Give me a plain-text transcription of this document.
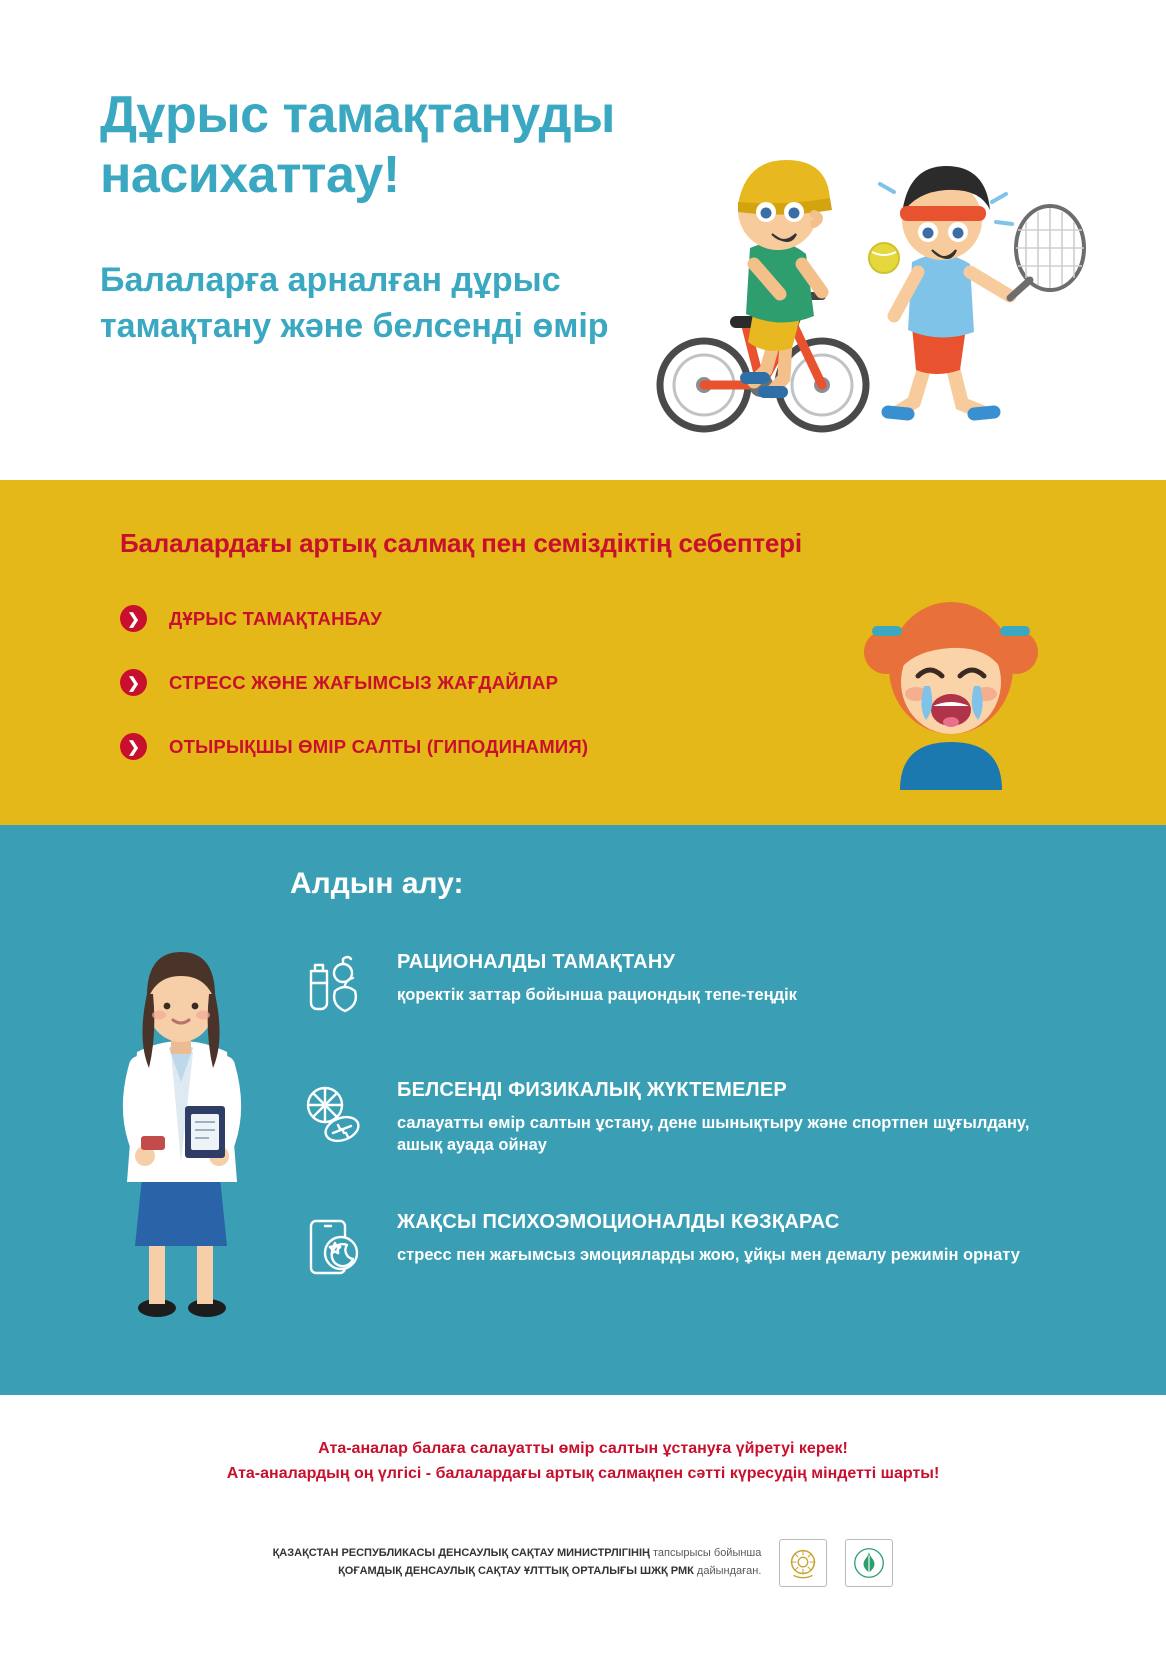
Дұрыс тамақтануды насихаттау!
Балаларға арналған дұрыс тамақтану және белсенді өмір
Балалардағы артық салмақ пен семіздіктің себептері
❯	ДҰРЫС ТАМАҚТАНБАУ
❯	СТРЕСС ЖӘНЕ ЖАҒЫМСЫЗ ЖАҒДАЙЛАР
❯	ОТЫРЫҚШЫ ӨМІР САЛТЫ (ГИПОДИНАМИЯ)
Алдын алу:

РАЦИОНАЛДЫ ТАМАҚТАНУ

қоректік заттар бойынша рациондық тепе-теңдік

БЕЛСЕНДІ ФИЗИКАЛЫҚ ЖҮКТЕМЕЛЕР

салауатты өмір салтын ұстану, дене шынықтыру және спортпен шұғылдану, ашық ауада ойнау

ЖАҚСЫ ПСИХОЭМОЦИОНАЛДЫ КӨЗҚАРАС

стресс пен жағымсыз эмоцияларды жою, ұйқы мен демалу режимін орнату

Ата-аналар балаға салауатты өмір салтын ұстануға үйретуі керек!

Ата-аналардың оң үлгісі - балалардағы артық салмақпен сәтті күресудің міндетті шарты!

ҚАЗАҚСТАН РЕСПУБЛИКАСЫ ДЕНСАУЛЫҚ САҚТАУ МИНИСТРЛІГІНІҢ тапсырысы бойынша
ҚОҒАМДЫҚ ДЕНСАУЛЫҚ САҚТАУ ҰЛТТЫҚ ОРТАЛЫҒЫ ШЖҚ РМК дайындаған.
